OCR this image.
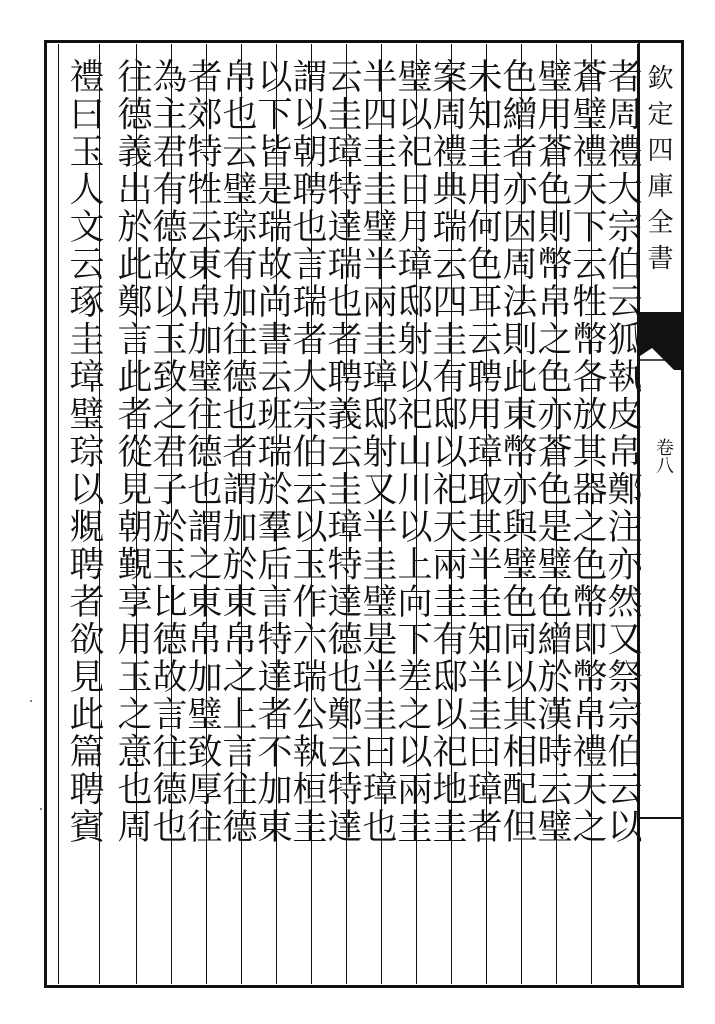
欽定四庫全書
卷八
者周禮大宗伯云狐執皮帛鄭注亦然又祭宗伯云以
蒼璧禮天下云牲幣各放其器之色幣即幣帛禮天之
璧用蒼色則幣帛之色亦蒼色是璧色繒於漢時云璧
色繒者亦因周法則此東幣亦與璧色同以其相配但
未知圭用何色耳云聘用璋取其半圭知半圭曰璋者
案周禮典瑞云四圭有邸以祀天兩圭有邸以祀地圭
璧以祀日月璋邸射以祀山川以上向下差之以兩圭
半四圭圭璧半兩圭璋邸射又半圭璧是半圭曰璋也
云圭璋特達瑞也者聘義云圭璋特達德也鄭云特達
謂以朝聘也言瑞者大宗伯云以玉作六瑞公執桓圭
以下皆是瑞故尚書云班瑞於羣后言特達者不加東
帛也云璧琮有加往德也者謂加於東帛之上言往德
者郊特牲云東帛加璧往德也謂之東帛加璧致厚往
為主君有德故以玉致之君子於玉比德故言往德也
往德義出於此鄭言此者從見朝覲享用玉之意也周
禮曰玉人文云琢圭璋璧琮以覜聘者欲見此篇聘賓
